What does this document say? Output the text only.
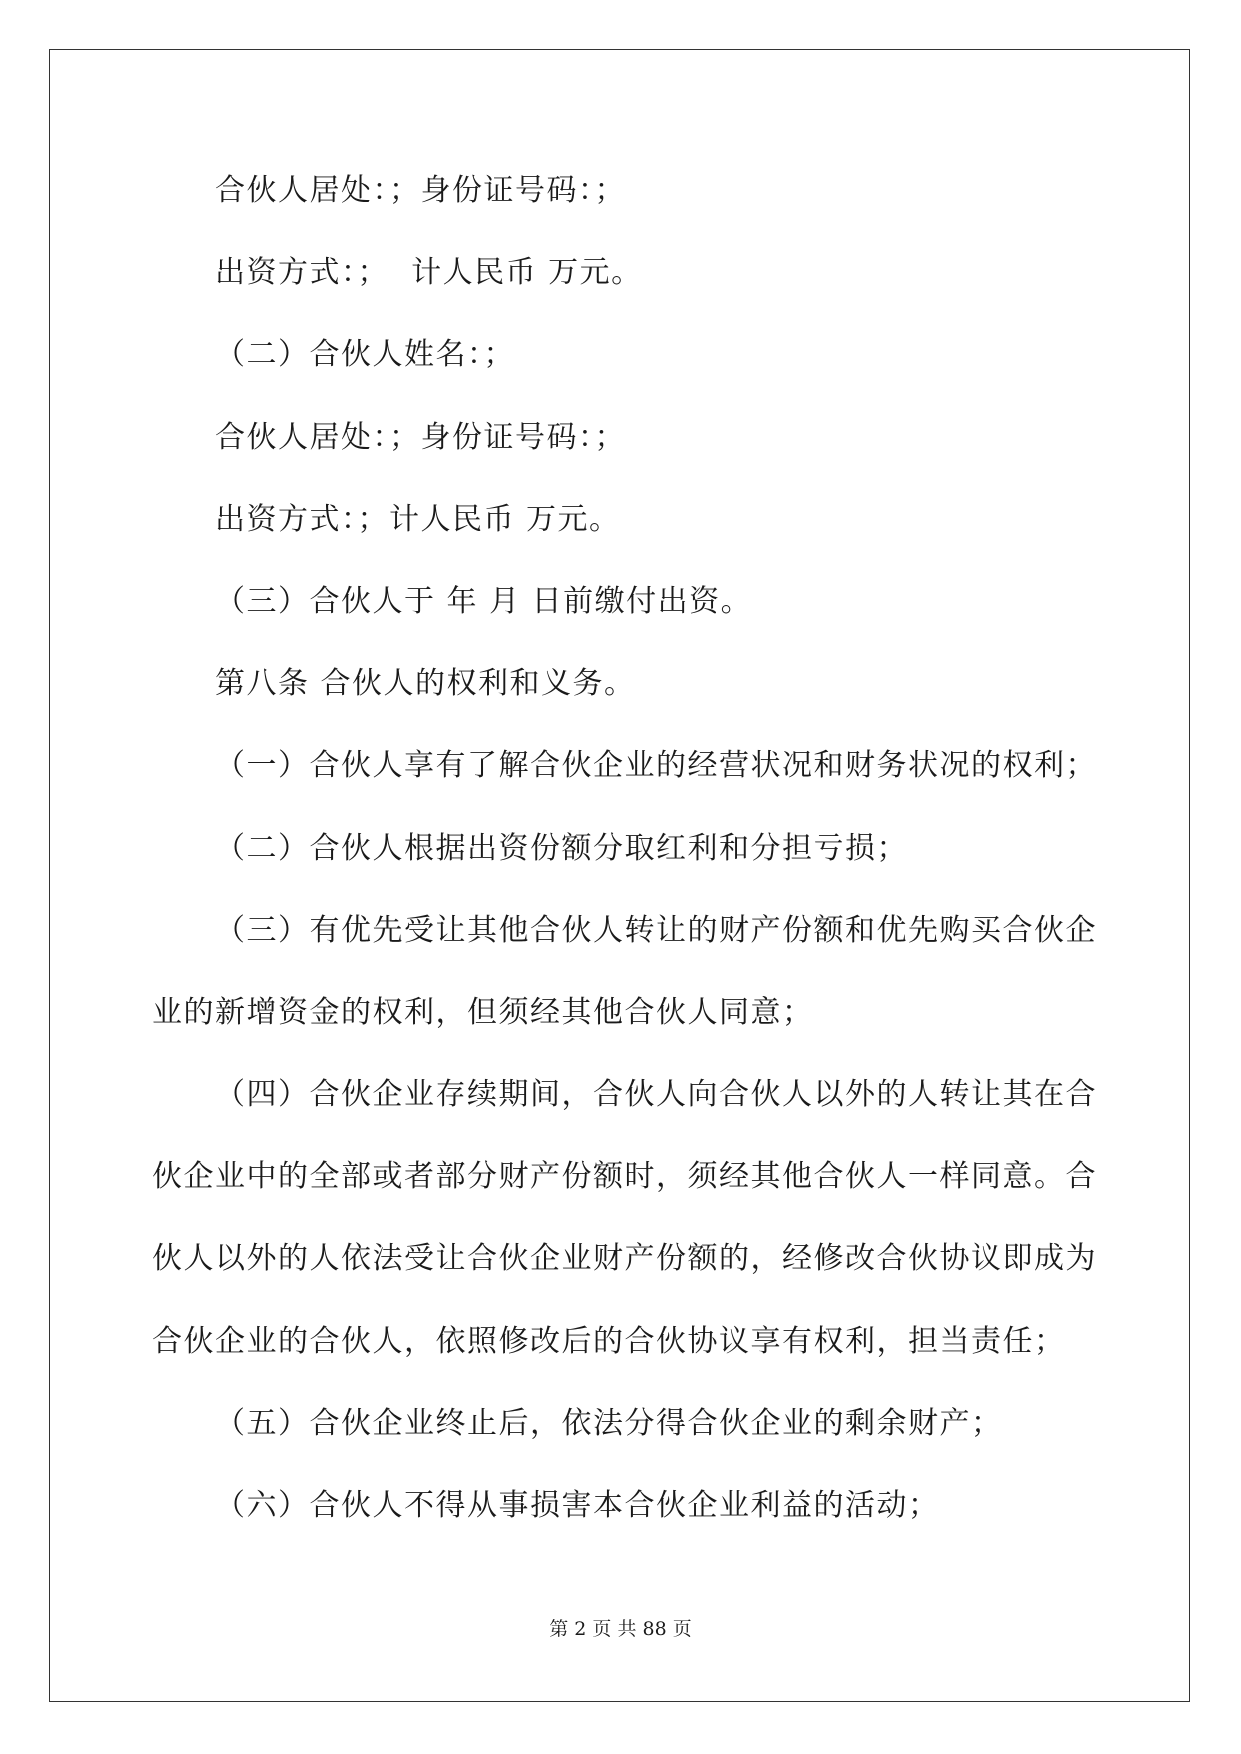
合伙人居处：；身份证号码：；
出资方式：；  计人民币 万元。
（二）合伙人姓名：；
合伙人居处：；身份证号码：；
出资方式：；计人民币 万元。
（三）合伙人于 年 月 日前缴付出资。
第八条 合伙人的权利和义务。
（一）合伙人享有了解合伙企业的经营状况和财务状况的权利；
（二）合伙人根据出资份额分取红利和分担亏损；
（三）有优先受让其他合伙人转让的财产份额和优先购买合伙企
业的新增资金的权利，但须经其他合伙人同意；
（四）合伙企业存续期间，合伙人向合伙人以外的人转让其在合
伙企业中的全部或者部分财产份额时，须经其他合伙人一样同意。合
伙人以外的人依法受让合伙企业财产份额的，经修改合伙协议即成为
合伙企业的合伙人，依照修改后的合伙协议享有权利，担当责任；
（五）合伙企业终止后，依法分得合伙企业的剩余财产；
（六）合伙人不得从事损害本合伙企业利益的活动；
第 2 页 共 88 页
